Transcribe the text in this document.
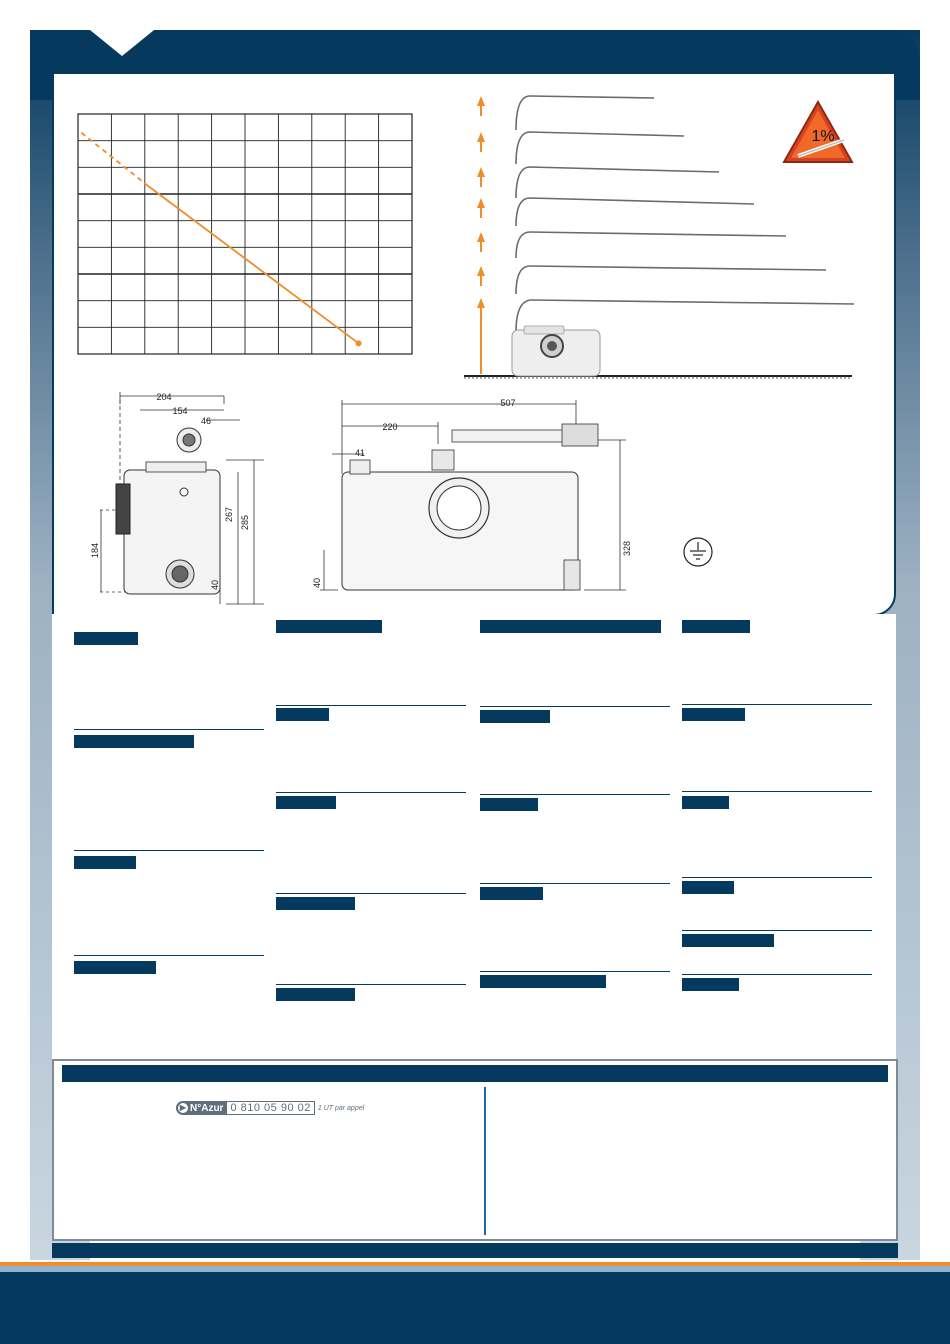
1%
204
154
46
267
285
184
40
507
220
41
328
40
▶ N°Azur 0 810 05 90 02	1 UT par appel
